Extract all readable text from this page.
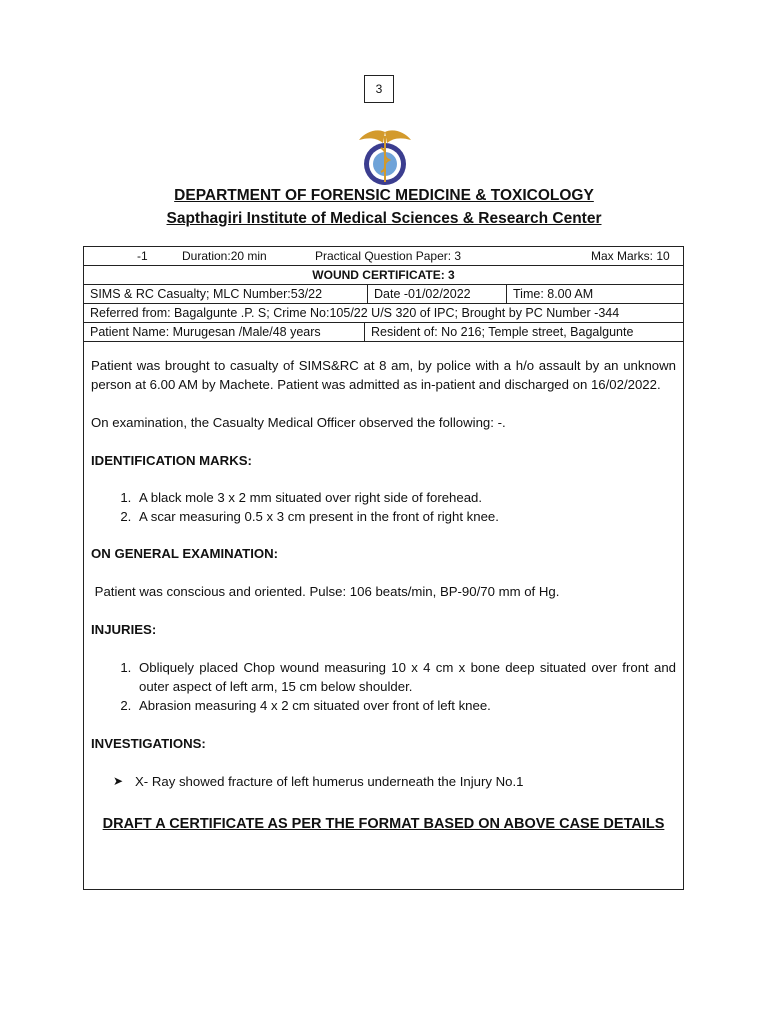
3
DEPARTMENT OF FORENSIC MEDICINE & TOXICOLOGY
Sapthagiri Institute of Medical Sciences & Research Center
-1	Duration:20 min	Practical Question Paper: 3	Max Marks: 10
WOUND CERTIFICATE: 3
SIMS & RC Casualty; MLC Number:53/22	Date -01/02/2022	Time: 8.00 AM
Referred from: Bagalgunte .P. S; Crime No:105/22 U/S 320 of IPC; Brought by PC Number -344
Patient Name: Murugesan /Male/48 years	Resident of: No 216; Temple street, Bagalgunte

Patient was brought to casualty of SIMS&RC at 8 am, by police with a h/o assault by an unknown person at 6.00 AM by Machete. Patient was admitted as in-patient and discharged on 16/02/2022.

On examination, the Casualty Medical Officer observed the following: -.

IDENTIFICATION MARKS:

1. A black mole 3 x 2 mm situated over right side of forehead.
2. A scar measuring 0.5 x 3 cm present in the front of right knee.

ON GENERAL EXAMINATION:

Patient was conscious and oriented. Pulse: 106 beats/min, BP-90/70 mm of Hg.

INJURIES:

1. Obliquely placed Chop wound measuring 10 x 4 cm x bone deep situated over front and outer aspect of left arm, 15 cm below shoulder.
2. Abrasion measuring 4 x 2 cm situated over front of left knee.

INVESTIGATIONS:

➤ X- Ray showed fracture of left humerus underneath the Injury No.1

DRAFT A CERTIFICATE AS PER THE FORMAT BASED ON ABOVE CASE DETAILS
